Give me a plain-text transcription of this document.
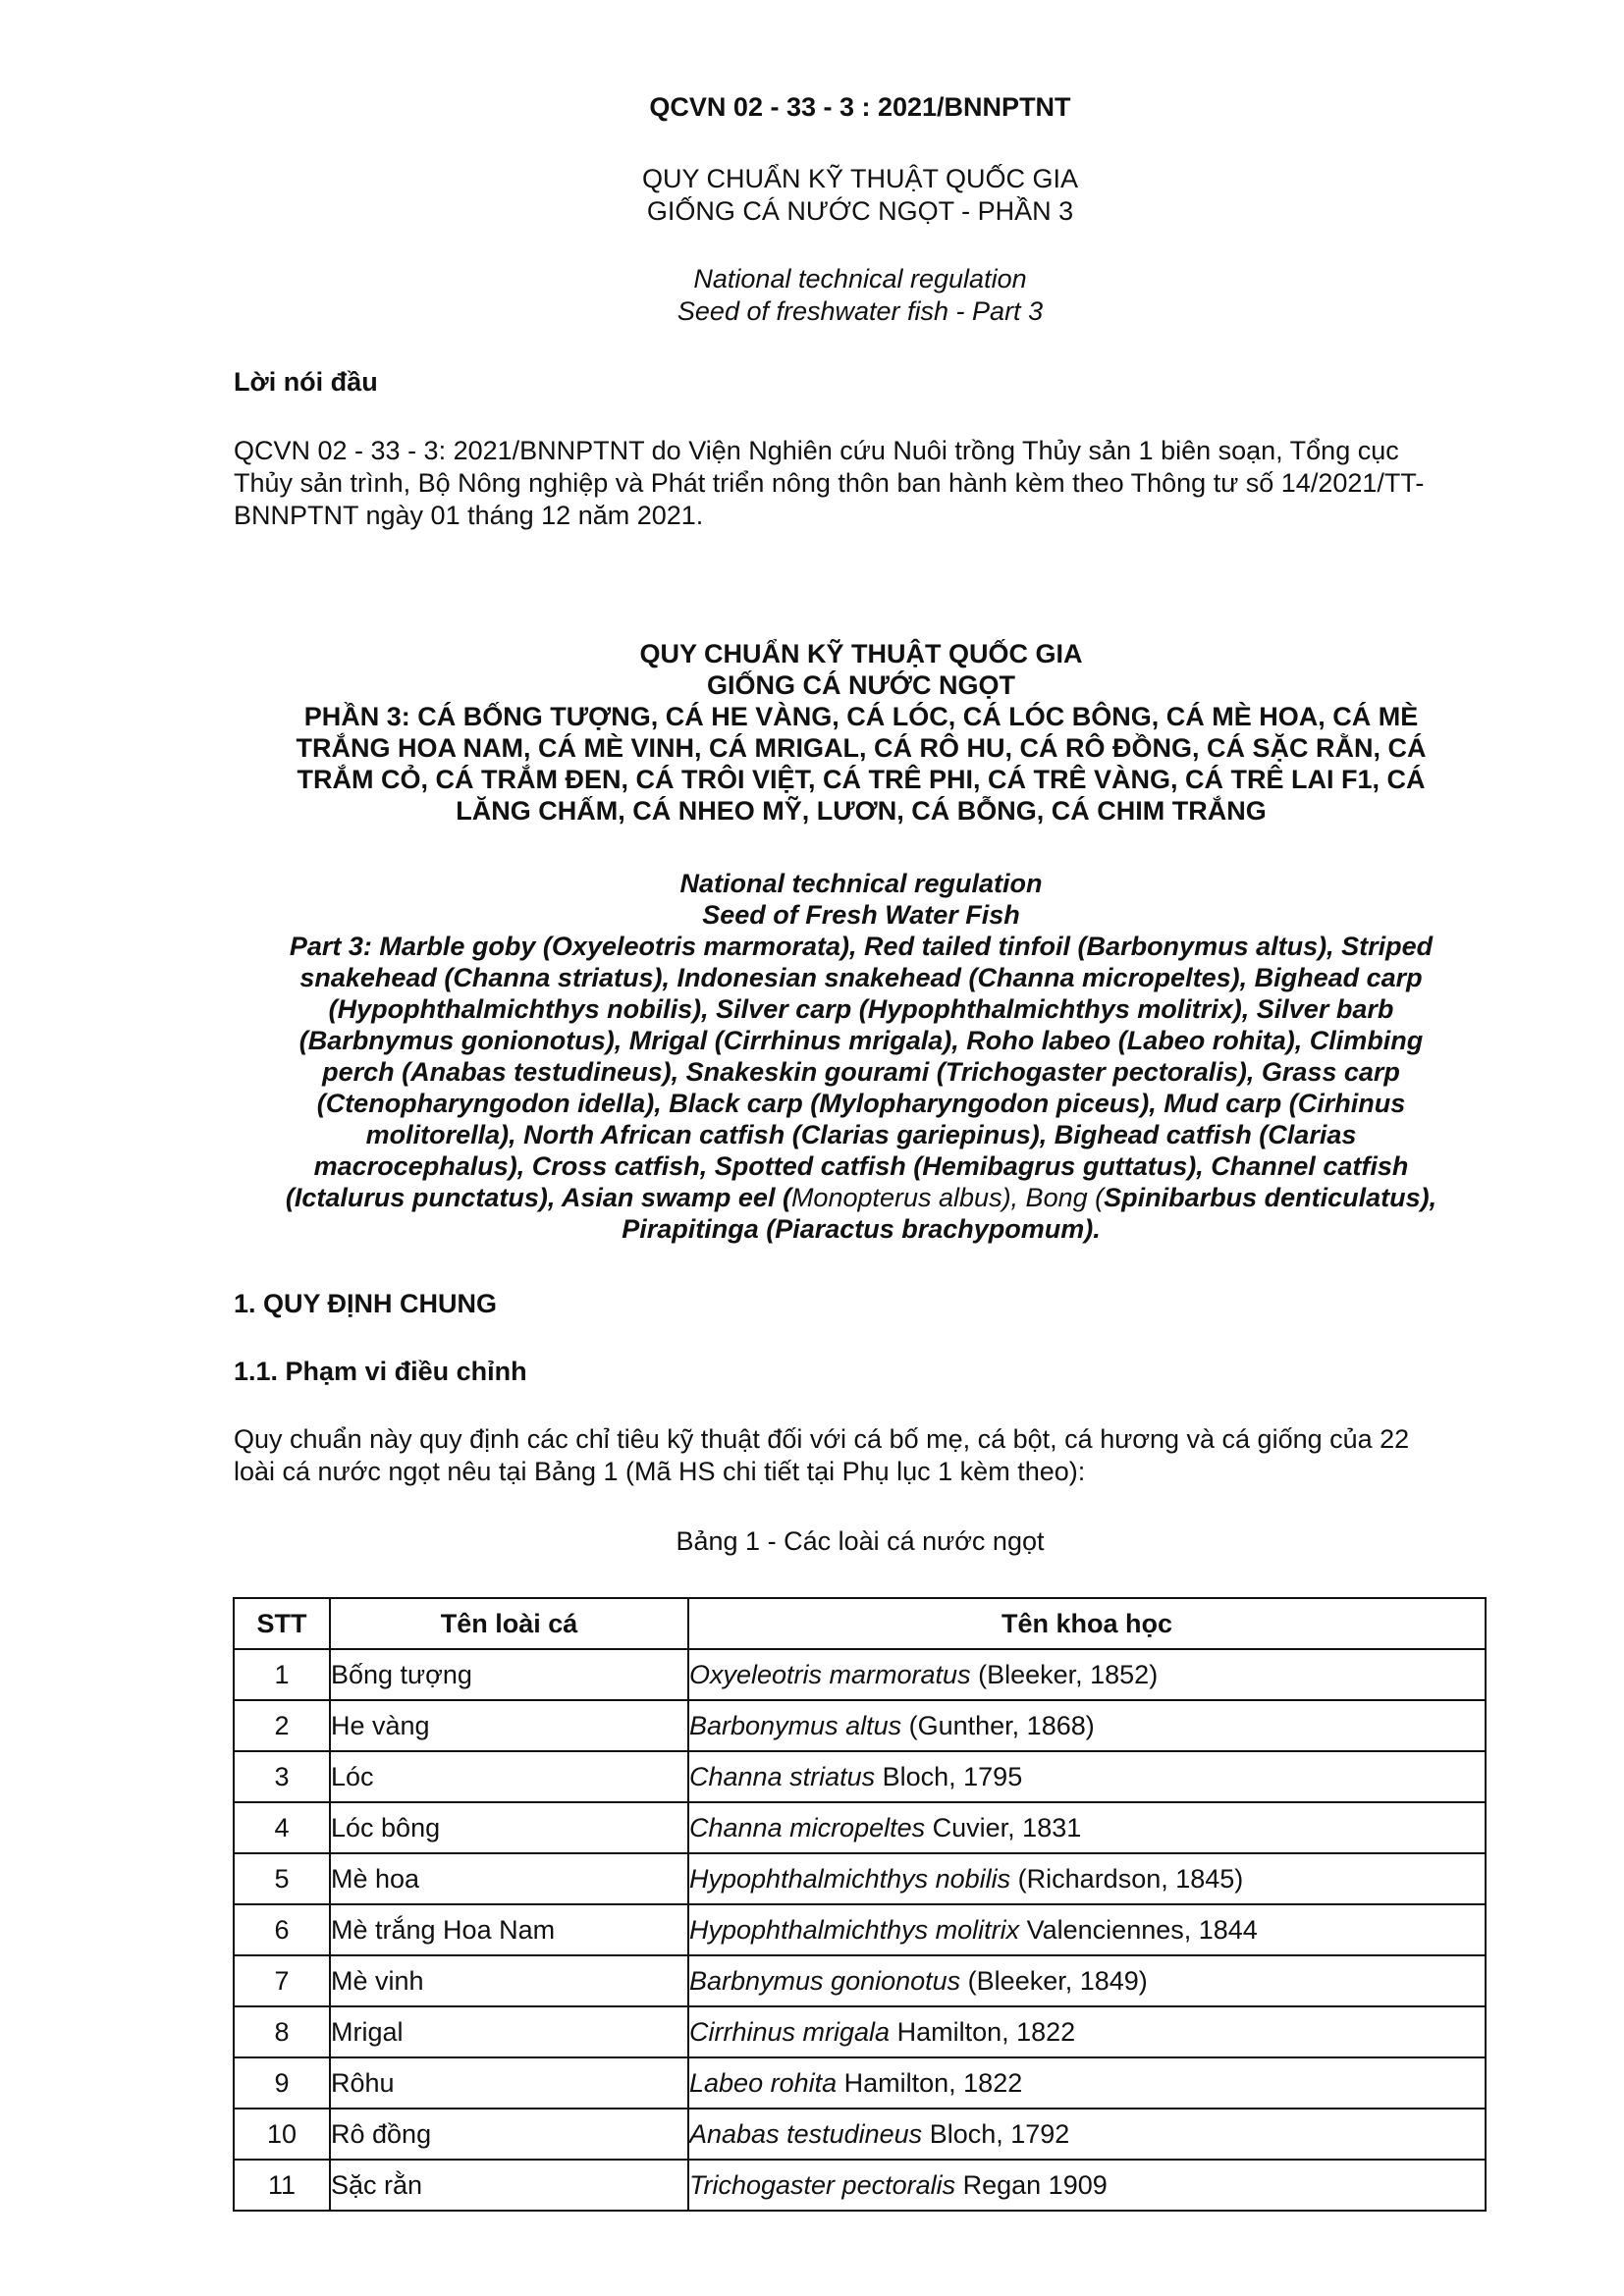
QCVN 02 - 33 - 3 : 2021/BNNPTNT
QUY CHUẨN KỸ THUẬT QUỐC GIA
GIỐNG CÁ NƯỚC NGỌT - PHẦN 3
National technical regulation
Seed of freshwater fish - Part 3
Lời nói đầu
QCVN 02 - 33 - 3: 2021/BNNPTNT do Viện Nghiên cứu Nuôi trồng Thủy sản 1 biên soạn, Tổng cục
Thủy sản trình, Bộ Nông nghiệp và Phát triển nông thôn ban hành kèm theo Thông tư số 14/2021/TT-
BNNPTNT ngày 01 tháng 12 năm 2021.
QUY CHUẨN KỸ THUẬT QUỐC GIA
GIỐNG CÁ NƯỚC NGỌT
PHẦN 3: CÁ BỐNG TƯỢNG, CÁ HE VÀNG, CÁ LÓC, CÁ LÓC BÔNG, CÁ MÈ HOA, CÁ MÈ
TRẮNG HOA NAM, CÁ MÈ VINH, CÁ MRIGAL, CÁ RÔ HU, CÁ RÔ ĐỒNG, CÁ SẶC RẰN, CÁ
TRẮM CỎ, CÁ TRẮM ĐEN, CÁ TRÔI VIỆT, CÁ TRÊ PHI, CÁ TRÊ VÀNG, CÁ TRÊ LAI F1, CÁ
LĂNG CHẤM, CÁ NHEO MỸ, LƯƠN, CÁ BỖNG, CÁ CHIM TRẮNG
National technical regulation
Seed of Fresh Water Fish
Part 3: Marble goby (Oxyeleotris marmorata), Red tailed tinfoil (Barbonymus altus), Striped
snakehead (Channa striatus), Indonesian snakehead (Channa micropeltes), Bighead carp
(Hypophthalmichthys nobilis), Silver carp (Hypophthalmichthys molitrix), Silver barb
(Barbnymus gonionotus), Mrigal (Cirrhinus mrigala), Roho labeo (Labeo rohita), Climbing
perch (Anabas testudineus), Snakeskin gourami (Trichogaster pectoralis), Grass carp
(Ctenopharyngodon idella), Black carp (Mylopharyngodon piceus), Mud carp (Cirhinus
molitorella), North African catfish (Clarias gariepinus), Bighead catfish (Clarias
macrocephalus), Cross catfish, Spotted catfish (Hemibagrus guttatus), Channel catfish
(Ictalurus punctatus), Asian swamp eel (Monopterus albus), Bong (Spinibarbus denticulatus),
Pirapitinga (Piaractus brachypomum).
1. QUY ĐỊNH CHUNG
1.1. Phạm vi điều chỉnh
Quy chuẩn này quy định các chỉ tiêu kỹ thuật đối với cá bố mẹ, cá bột, cá hương và cá giống của 22
loài cá nước ngọt nêu tại Bảng 1 (Mã HS chi tiết tại Phụ lục 1 kèm theo):
Bảng 1 - Các loài cá nước ngọt
STT	Tên loài cá	Tên khoa học
1	Bống tượng	Oxyeleotris marmoratus (Bleeker, 1852)
2	He vàng	Barbonymus altus (Gunther, 1868)
3	Lóc	Channa striatus Bloch, 1795
4	Lóc bông	Channa micropeltes Cuvier, 1831
5	Mè hoa	Hypophthalmichthys nobilis (Richardson, 1845)
6	Mè trắng Hoa Nam	Hypophthalmichthys molitrix Valenciennes, 1844
7	Mè vinh	Barbnymus gonionotus (Bleeker, 1849)
8	Mrigal	Cirrhinus mrigala Hamilton, 1822
9	Rôhu	Labeo rohita Hamilton, 1822
10	Rô đồng	Anabas testudineus Bloch, 1792
11	Sặc rằn	Trichogaster pectoralis Regan 1909
